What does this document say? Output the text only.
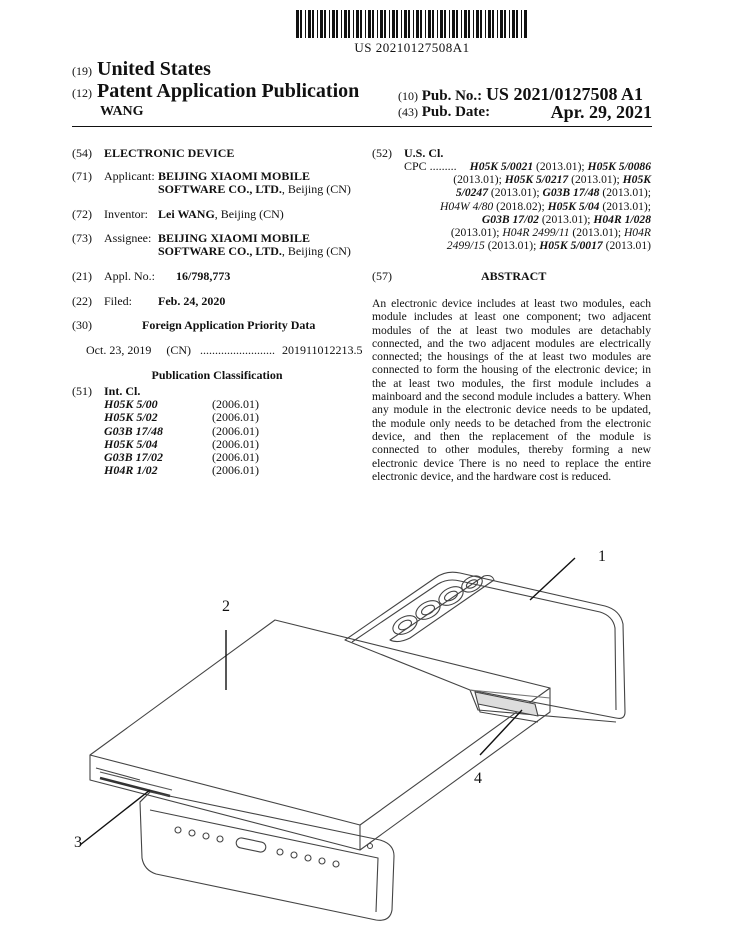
US 20210127508A1
(19) United States
(12) Patent Application Publication
WANG
(10) Pub. No.: US 2021/0127508 A1
(43) Pub. Date:	Apr. 29, 2021
(54) ELECTRONIC DEVICE
(71) Applicant: BEIJING XIAOMI MOBILE
SOFTWARE CO., LTD., Beijing (CN)
(72) Inventor: Lei WANG, Beijing (CN)
(73) Assignee: BEIJING XIAOMI MOBILE
SOFTWARE CO., LTD., Beijing (CN)
(21) Appl. No.: 16/798,773
(22) Filed: Feb. 24, 2020
(30)	Foreign Application Priority Data
Oct. 23, 2019 (CN) ......................... 201911012213.5
Publication Classification
(51) Int. Cl.
H05K 5/00	(2006.01)
H05K 5/02	(2006.01)
G03B 17/48	(2006.01)
H05K 5/04	(2006.01)
G03B 17/02	(2006.01)
H04R 1/02	(2006.01)
(52) U.S. Cl.
CPC .........	H05K 5/0021 (2013.01); H05K 5/0086
(2013.01); H05K 5/0217 (2013.01); H05K
5/0247 (2013.01); G03B 17/48 (2013.01);
H04W 4/80 (2018.02); H05K 5/04 (2013.01);
G03B 17/02 (2013.01); H04R 1/028
(2013.01); H04R 2499/11 (2013.01); H04R
2499/15 (2013.01); H05K 5/0017 (2013.01)
(57)	ABSTRACT
An electronic device includes at least two modules, each module includes at least one component; two adjacent modules of the at least two modules are detachably connected, and the two adjacent modules are electrically connected; the housings of the at least two modules are connected to form the housing of the electronic device; in the at least two modules, the first module includes a mainboard and the second module includes a battery. When any module in the electronic device needs to be updated, the module only needs to be detached from the electronic device, and then the replacement of the module is connected to other modules, thereby forming a new electronic device There is no need to replace the entire electronic device, and the hardware cost is reduced.
1
2
3
4
